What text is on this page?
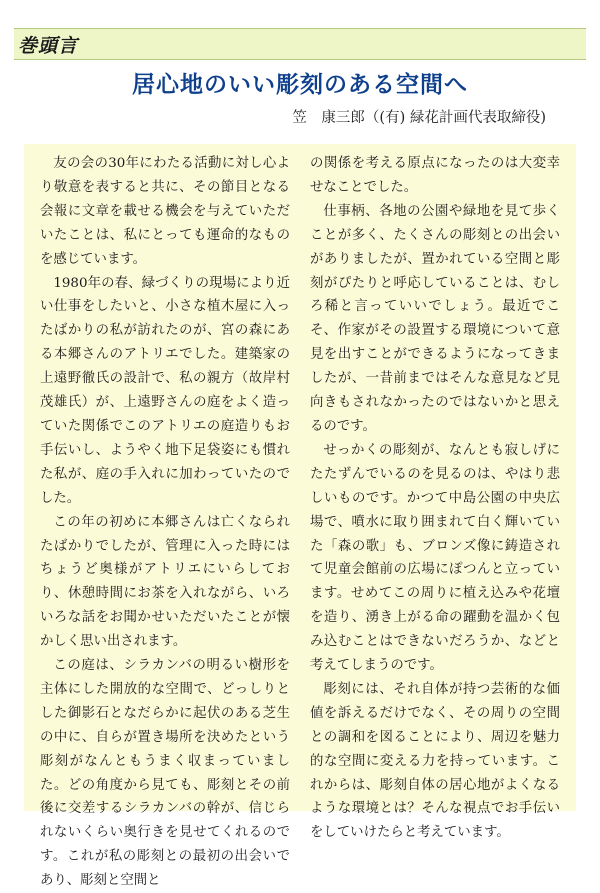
巻頭言
居心地のいい彫刻のある空間へ
笠　康三郎（(有) 緑花計画代表取締役)

友の会の30年にわたる活動に対し心より敬意を表すると共に、その節目となる会報に文章を載せる機会を与えていただいたことは、私にとっても運命的なものを感じています。

1980年の春、緑づくりの現場により近い仕事をしたいと、小さな植木屋に入ったばかりの私が訪れたのが、宮の森にある本郷さんのアトリエでした。建築家の上遠野徹氏の設計で、私の親方（故岸村茂雄氏）が、上遠野さんの庭をよく造っていた関係でこのアトリエの庭造りもお手伝いし、ようやく地下足袋姿にも慣れた私が、庭の手入れに加わっていたのでした。

この年の初めに本郷さんは亡くなられたばかりでしたが、管理に入った時にはちょうど奥様がアトリエにいらしており、休憩時間にお茶を入れながら、いろいろな話をお聞かせいただいたことが懐かしく思い出されます。

この庭は、シラカンバの明るい樹形を主体にした開放的な空間で、どっしりとした御影石となだらかに起伏のある芝生の中に、自らが置き場所を決めたという彫刻がなんともうまく収まっていました。どの角度から見ても、彫刻とその前後に交差するシラカンバの幹が、信じられないくらい奥行きを見せてくれるのです。これが私の彫刻との最初の出会いであり、彫刻と空間と

の関係を考える原点になったのは大変幸せなことでした。

仕事柄、各地の公園や緑地を見て歩くことが多く、たくさんの彫刻との出会いがありましたが、置かれている空間と彫刻がぴたりと呼応していることは、むしろ稀と言っていいでしょう。最近でこそ、作家がその設置する環境について意見を出すことができるようになってきましたが、一昔前まではそんな意見など見向きもされなかったのではないかと思えるのです。

せっかくの彫刻が、なんとも寂しげにたたずんでいるのを見るのは、やはり悲しいものです。かつて中島公園の中央広場で、噴水に取り囲まれて白く輝いていた「森の歌」も、ブロンズ像に鋳造されて児童会館前の広場にぽつんと立っています。せめてこの周りに植え込みや花壇を造り、湧き上がる命の躍動を温かく包み込むことはできないだろうか、などと考えてしまうのです。

彫刻には、それ自体が持つ芸術的な価値を訴えるだけでなく、その周りの空間との調和を図ることにより、周辺を魅力的な空間に変える力を持っています。これからは、彫刻自体の居心地がよくなるような環境とは？そんな視点でお手伝いをしていけたらと考えています。
